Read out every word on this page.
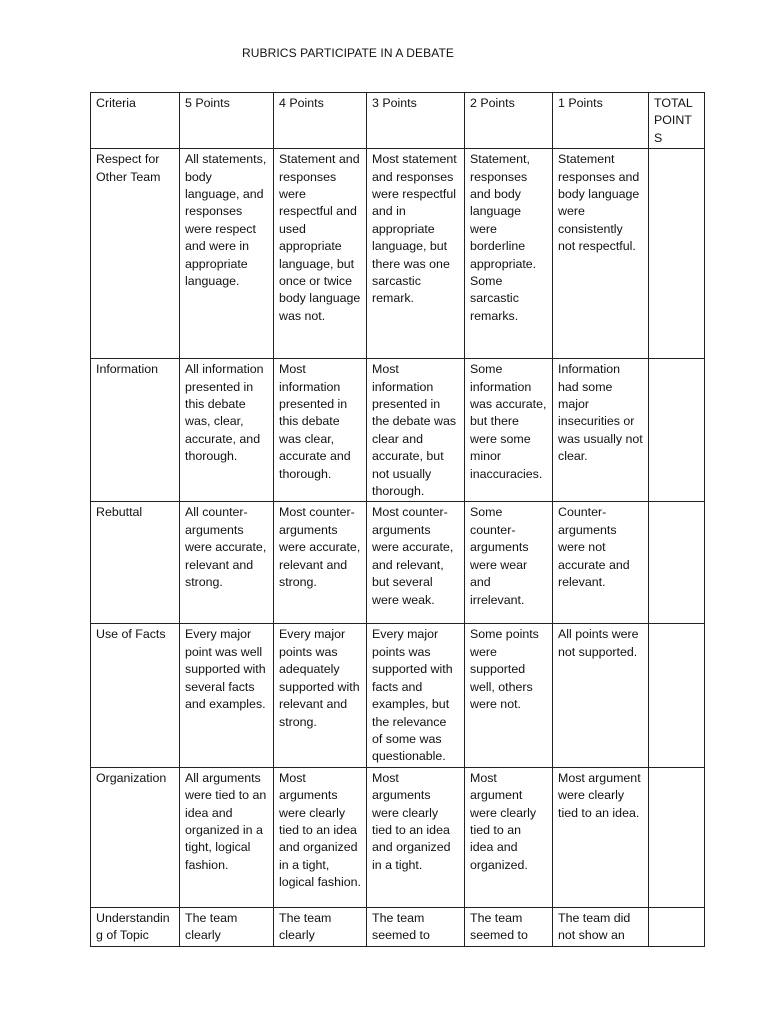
RUBRICS PARTICIPATE IN A DEBATE
Criteria	5 Points	4 Points	3 Points	2 Points	1 Points	TOTAL POINTS
Respect for Other Team	All statements, body language, and responses were respect and were in appropriate language.	Statement and responses were respectful and used appropriate language, but once or twice body language was not.	Most statement and responses were respectful and in appropriate language, but there was one sarcastic remark.	Statement, responses and body language were borderline appropriate. Some sarcastic remarks.	Statement responses and body language were consistently not respectful.	
Information	All information presented in this debate was, clear, accurate, and thorough.	Most information presented in this debate was clear, accurate and thorough.	Most information presented in the debate was clear and accurate, but not usually thorough.	Some information was accurate, but there were some minor inaccuracies.	Information had some major insecurities or was usually not clear.	
Rebuttal	All counter-arguments were accurate, relevant and strong.	Most counter-arguments were accurate, relevant and strong.	Most counter-arguments were accurate, and relevant, but several were weak.	Some counter-arguments were wear and irrelevant.	Counter-arguments were not accurate and relevant.	
Use of Facts	Every major point was well supported with several facts and examples.	Every major points was adequately supported with relevant and strong.	Every major points was supported with facts and examples, but the relevance of some was questionable.	Some points were supported well, others were not.	All points were not supported.	
Organization	All arguments were tied to an idea and organized in a tight, logical fashion.	Most arguments were clearly tied to an idea and organized in a tight, logical fashion.	Most arguments were clearly tied to an idea and organized in a tight.	Most argument were clearly tied to an idea and organized.	Most argument were clearly tied to an idea.	
Understanding of Topic	The team clearly	The team clearly	The team seemed to	The team seemed to	The team did not show an	
